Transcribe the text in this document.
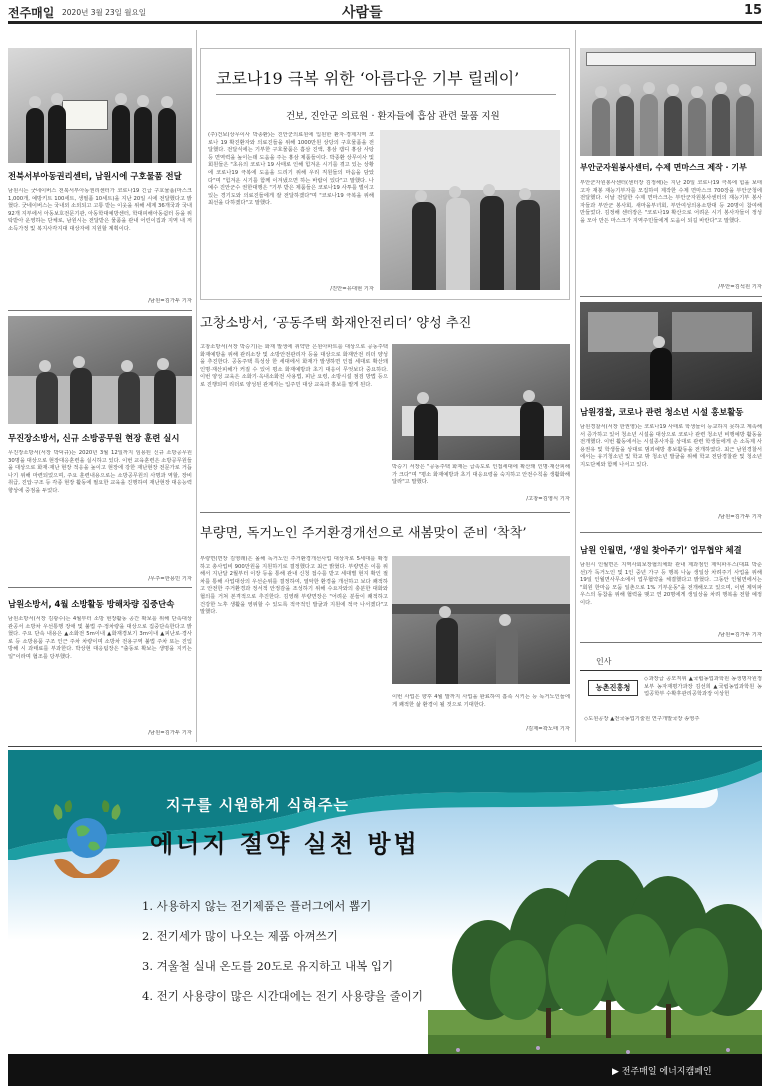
전주매일 2020년 3월 23일 월요일	사람들	15
전북서부아동권리센터, 남원시에 구호물품 전달
남원시는 굿네이버스 전북서부아동권리센터가 코로나19 긴급 구호물품(마스크 1,000개, 예방키트 100세트, 생필품 10세트)을 지난 20일 시에 전달했다고 밝혔다. 굿네이버스는 국내외 소외되고 고통 받는 이웃을 위해 세계 36개국과 국내 92개 지부에서 아동보호전문기관, 아동학대예방센터, 학대피해아동쉼터 등을 위탁받아 운영하는 단체로, 남원시는 전달받은 물품을 관내 어린이집과 지역 내 저소득가정 및 복지사각지대 대상자에 지원할 계획이다.
/남원=김가두 기자
무진장소방서, 신규 소방공무원 현장 훈련 실시
무진장소방서(서장 박덕규)는 2020년 3월 12일까지 임용된 신규 소방공무원 30명을 대상으로 현장대응훈련을 실시하고 있다. 이번 교육훈련은 소방공무원들을 대상으로 화재·재난 현장 적응을 높이고 현장에 강한 재난현장 전문가로 거듭나기 위해 마련되었으며, 주요 훈련내용으로는 소방공무원의 사명과 역할, 장비 취급, 진압·구조 등 각종 현장 활동에 필요한 교육을 진행하여 재난현장 대응능력 향상에 중점을 두었다.
/무주=한용민 기자
남원소방서, 4월 소방활동 방해차량 집중단속
남원소방서(서장 김광수)는 4월부터 소방 현장활동 공간 확보를 위해 단속대상 관공서 소방차 우선통행 장애 및 불법 주·정차량을 대상으로 집중단속한다고 밝혔다. 주요 단속 내용은 ▲소화전 5m이내 ▲화재경보기 3m이내 ▲피난로·경사로 등 소방용품 구조 인근 주차 차량이며 소방차 전용구역 불법 주차 또는 진입 방해 시 과태료를 부과한다. 박상현 대응팀장은 "출동로 확보는 생명을 지키는 일"이라며 협조를 당부했다.
/남원=김가두 기자
코로나19 극복 위한 ‘아름다운 기부 릴레이’
건보, 진안군 의료원 · 환자들에 흡삼 관련 물품 지원
(주)건보(상무이사 박종환)는 진안군의료원에 입원한 환자·경제지역 코로나 19 확진환자와 의료진들을 위해 1000만원 상당의 구호물품을 전달했다. 전달식에는 기부한 구호물품은 흡삼 진액, 홍삼 캡디 홍삼 사탕 등 면역력을 높이는데 도움을 주는 홍삼 제품들이다. 박종환 상무이사 및 회원들은 "초유의 코로나 19 사태로 인해 힘겨운 시기를 겪고 있는 상황에 코로나19 극복에 도움을 드리기 위해 우리 직원들의 마음을 담았다"며 "힘겨운 시기를 함께 이겨냈으면 하는 바람이 있다"고 말했다. 나예수 진안군수 권한대행은 "기부 받은 제품들은 코로나19 사투를 벌이고 있는 경기도와 의료진들에게 잘 전달하겠다"며 "코로나19 극복을 위해 최선을 다하겠다"고 말했다.
/진안=유대현 기자
고창소방서, ‘공동주택 화재안전리더’ 양성 추진
고창소방서(서장 박승기)는 화재 발생에 취약한 은원아파트를 대상으로 공동주택 화재예방을 위해 관리소장 및 소방안전관리자 등을 대상으로 화재안전 리더 양성을 추진한다. 공동주택 특성상 한 세대에서 화재가 발생하면 인접 세대로 확산돼 인명·재산피해가 커질 수 있어 평소 화재예방과 초기 대응이 무엇보다 중요하다. 이번 양성 교육은 소화기·옥내소화전 사용법, 피난 요령, 소방시설 점검 방법 등으로 진행되며 리더로 양성된 관계자는 입주민 대상 교육과 홍보를 맡게 된다.
박승기 서장은 "공동주택 화재는 급속도로 인접세대에 확산돼 인명·재산피해가 크다"며 "평소 화재예방과 초기 대응요령을 숙지하고 안전수칙을 생활화해 달라"고 말했다.
/고창=김영식 기자
부량면, 독거노인 주거환경개선으로 새봄맞이 준비 ‘착착’
부량면(면장 김영래)은 올해 독거노인 주거환경개선사업 대상자로 5세대를 확정하고 총사업비 900만원을 지원하기로 결정했다고 최근 밝혔다. 부량면은 이를 위해서 지난달 2월부터 이장 등을 통해 관내 신청 접수를 받고 세대별 현지 확인 절차를 통해 사업대상의 우선순위를 결정하여, 열악한 환경을 개선하고 보다 쾌적하고 안전한 주거환경과 정서적 안정감을 조성하기 위해 수요자와의 충분한 대화와 협의를 거쳐 본격적으로 추진한다. 김영래 부량면장은 "어려운 분들이 쾌적하고 건강한 노후 생활을 영위할 수 있도록 적극적인 발굴과 지원에 적극 나서겠다"고 말했다.
이번 사업은 향후 4월 말까지 사업을 완료하여 흡족 시키는 등 독거노인들에게 쾌적한 삶 환경이 될 것으로 기대한다.
/김제=곽노태 기자
부안군자원봉사센터, 수제 면마스크 제작 · 기부
부안군자원봉사센터(센터장 김정해)는 지난 20일 코로나19 극복에 힘을 보태고자 재봉 재능기부자를 모집하여 제작한 수제 면마스크 700장을 부안군청에 전달했다. 이날 전달한 수제 면마스크는 부안군자원봉사센터의 재능기부 봉사자들과 부안군 봉사회, 새마을부녀회, 부안여성의용소방대 등 20명이 참여해 만들었다. 김정해 센터장은 "코로나19 확산으로 어려운 시기 봉사자들이 정성을 모아 만든 마스크가 지역주민들에게 도움이 되길 바란다"고 말했다.
/부안=김석원 기자
남원경찰, 코로나 관련 청소년 시설 홍보활동
남원경찰서(서장 한권영)는 코로나19 사태로 학생들이 등교하지 못하고 계속해서 증가하고 있어 청소년 시설을 대상으로 코로나 관련 청소년 비행예방 활동을 전개했다. 이번 활동에서는 시설종사자를 상대로 관련 학생들에게 손 소독제 사용권유 및 학생들을 상대로 범죄예방 홍보활동을 전개하였다. 최근 남원경찰서에서는 유기청소년 및 학교 밖 청소년 발굴을 위해 학교 전담경찰관 및 청소년 지도단체와 함께 나서고 있다.
/남원=김가두 기자
남원 인월면, ‘생일 찾아주기’ 업무협약 체결
남원시 인월면은 지역사회보장협의체와 관내 제과점인 제익파우스(대표 박준선)가 독거노인 및 1인 중년 가구 등 행복 나눔 생일상 차려주기 사업을 위해 19일 인월면사무소에서 업무협약을 체결했다고 밝혔다. 그동안 인월면에서는 "회원 한마음 모둠 일촌으로 1% 기부운동"을 전개해오고 있으며, 이번 제익파우스의 동참을 위해 협력을 맺고 연 20명에게 생일상을 차려 행복을 전할 예정이다.
/남원=김가두 기자
인사
농촌진흥청
◇과장급 공모직위 ▲국립농업과학원 농생명자원정보부 농자재평가과장 김선희 ▲국립농업과학원 농업공학부 수확후관리공학과장 이상헌
◇도원공장 ▲전국농업기술원 연구개발국장 송영주
지구를 시원하게 식혀주는
에너지 절약 실천 방법
1. 사용하지 않는 전기제품은 플러그에서 뽑기
2. 전기세가 많이 나오는 제품 아껴쓰기
3. 겨울철 실내 온도를 20도로 유지하고 내복 입기
4. 전기 사용량이 많은 시간대에는 전기 사용량을 줄이기
▶ 전주매일 에너지캠페인
